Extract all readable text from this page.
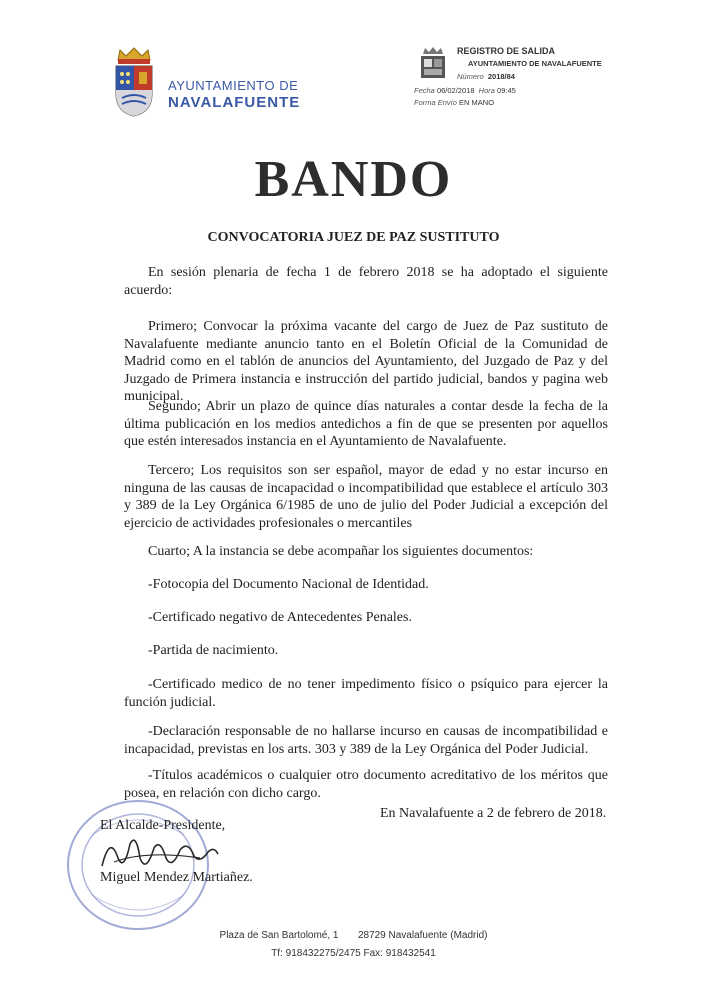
AYUNTAMIENTO DE
NAVALAFUENTE
REGISTRO DE SALIDA
AYUNTAMIENTO DE NAVALAFUENTE
Número 2018/84
Fecha 06/02/2018 Hora 09:45
Forma Envío EN MANO
BANDO
CONVOCATORIA JUEZ DE PAZ SUSTITUTO
En sesión plenaria de fecha 1 de febrero 2018 se ha adoptado el siguiente acuerdo:
Primero; Convocar la próxima vacante del cargo de Juez de Paz sustituto de Navalafuente mediante anuncio tanto en el Boletín Oficial de la Comunidad de Madrid como en el tablón de anuncios del Ayuntamiento, del Juzgado de Paz y del Juzgado de Primera instancia e instrucción del partido judicial, bandos y pagina web municipal.
Segundo; Abrir un plazo de quince días naturales a contar desde la fecha de la última publicación en los medios antedichos a fin de que se presenten por aquellos que estén interesados instancia en el Ayuntamiento de Navalafuente.
Tercero; Los requisitos son ser español, mayor de edad y no estar incurso en ninguna de las causas de incapacidad o incompatibilidad que establece el artículo 303 y 389 de la Ley Orgánica 6/1985 de uno de julio del Poder Judicial a excepción del ejercicio de actividades profesionales o mercantiles
Cuarto; A la instancia se debe acompañar los siguientes documentos:
-Fotocopia del Documento Nacional de Identidad.
-Certificado negativo de Antecedentes Penales.
-Partida de nacimiento.
-Certificado medico de no tener impedimento físico o psíquico para ejercer la función judicial.
-Declaración responsable de no hallarse incurso en causas de incompatibilidad e incapacidad, previstas en los arts. 303 y 389 de la Ley Orgánica del Poder Judicial.
-Títulos académicos o cualquier otro documento acreditativo de los méritos que posea, en relación con dicho cargo.
En Navalafuente a 2 de febrero de 2018.
El Alcalde-Presidente,
Miguel Mendez Martiañez.
Plaza de San Bartolomé, 1       28729 Navalafuente (Madrid)
Tf: 918432275/2475 Fax: 918432541
